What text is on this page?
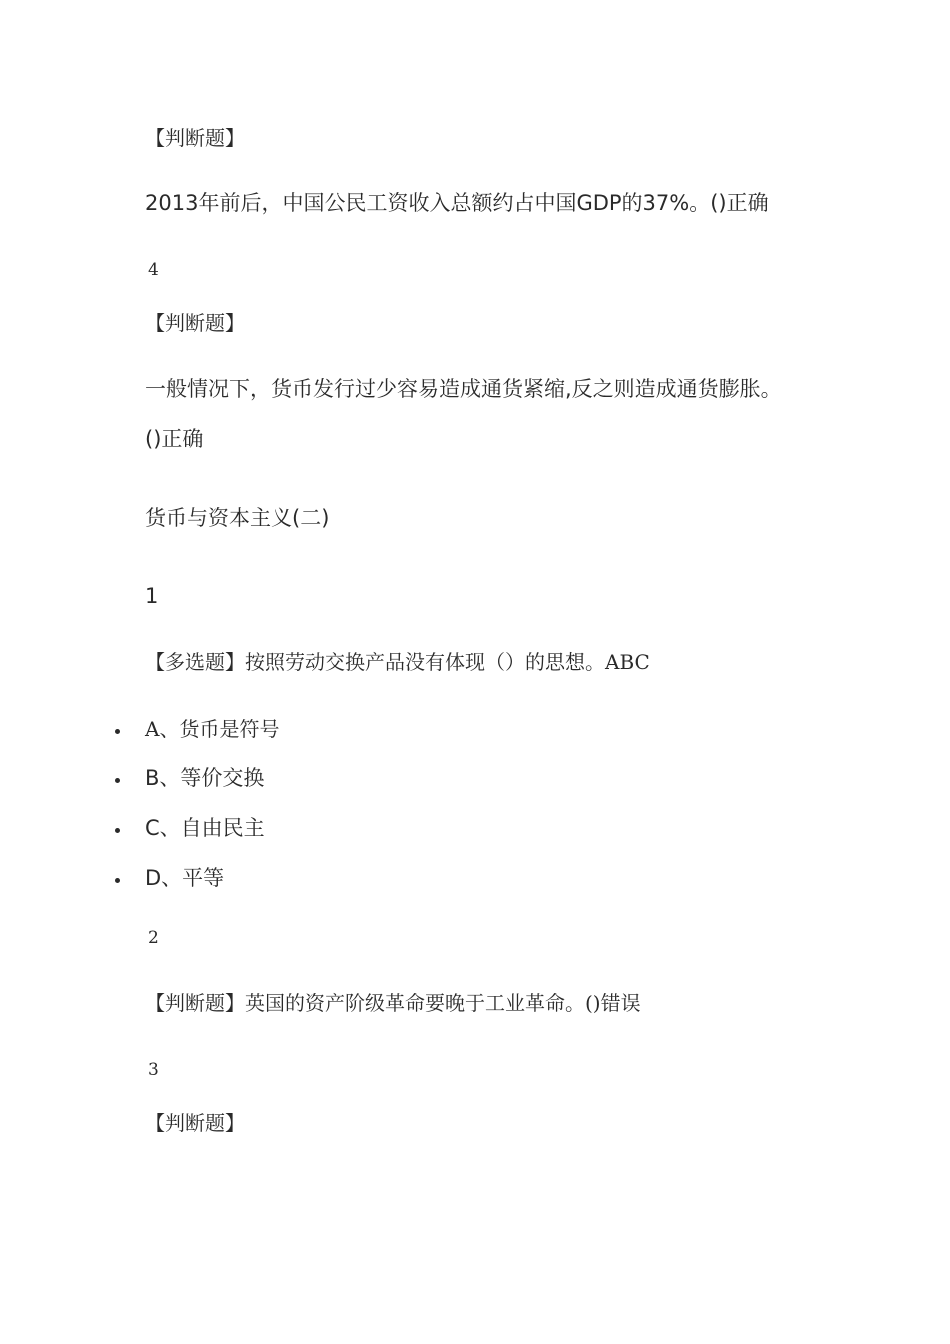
【判断题】
2013年前后，中国公民工资收入总额约占中国GDP的37%。()正确
4
【判断题】
一般情况下，货币发行过少容易造成通货紧缩,反之则造成通货膨胀。
()正确
货币与资本主义(二)
1
【多选题】按照劳动交换产品没有体现（）的思想。ABC
A、货币是符号
B、等价交换
C、自由民主
D、平等
2
【判断题】英国的资产阶级革命要晚于工业革命。()错误
3
【判断题】
